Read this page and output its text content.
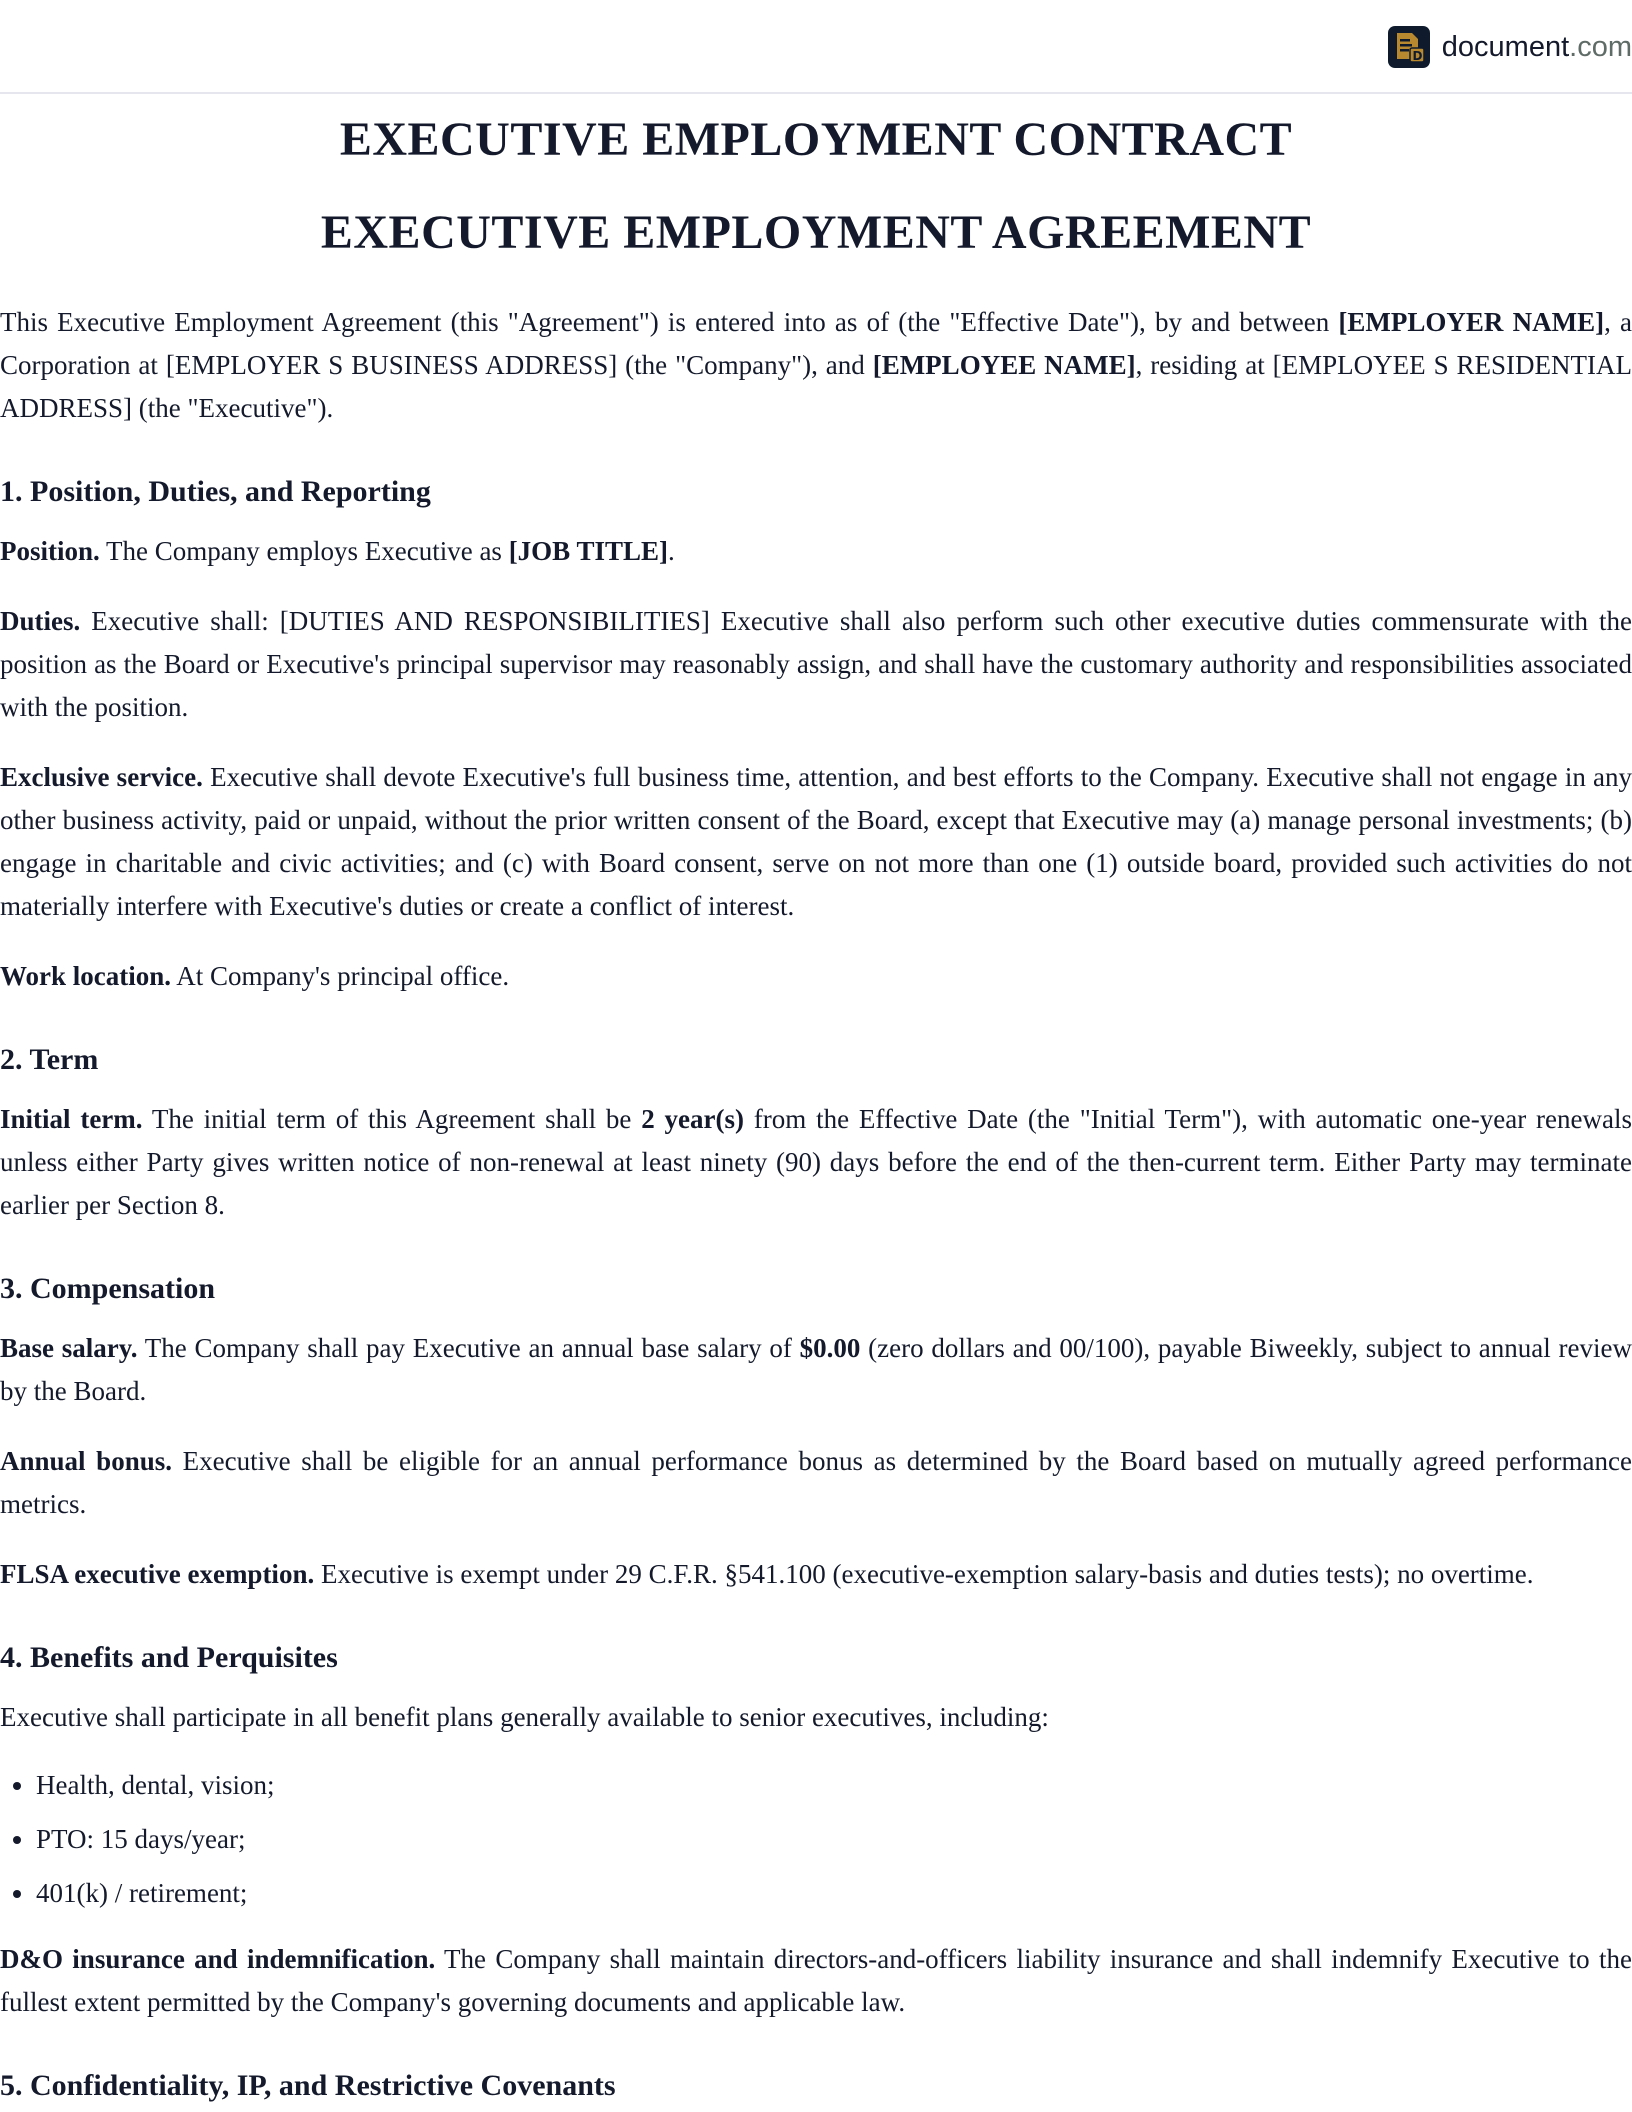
D document.com
EXECUTIVE EMPLOYMENT CONTRACT
EXECUTIVE EMPLOYMENT AGREEMENT

This Executive Employment Agreement (this "Agreement") is entered into as of (the "Effective Date"), by and between [EMPLOYER NAME], a Corporation at [EMPLOYER S BUSINESS ADDRESS] (the "Company"), and [EMPLOYEE NAME], residing at [EMPLOYEE S RESIDENTIAL ADDRESS] (the "Executive").

1. Position, Duties, and Reporting

Position. The Company employs Executive as [JOB TITLE].

Duties. Executive shall: [DUTIES AND RESPONSIBILITIES] Executive shall also perform such other executive duties commensurate with the position as the Board or Executive's principal supervisor may reasonably assign, and shall have the customary authority and responsibilities associated with the position.

Exclusive service. Executive shall devote Executive's full business time, attention, and best efforts to the Company. Executive shall not engage in any other business activity, paid or unpaid, without the prior written consent of the Board, except that Executive may (a) manage personal investments; (b) engage in charitable and civic activities; and (c) with Board consent, serve on not more than one (1) outside board, provided such activities do not materially interfere with Executive's duties or create a conflict of interest.

Work location. At Company's principal office.

2. Term

Initial term. The initial term of this Agreement shall be 2 year(s) from the Effective Date (the "Initial Term"), with automatic one-year renewals unless either Party gives written notice of non-renewal at least ninety (90) days before the end of the then-current term. Either Party may terminate earlier per Section 8.

3. Compensation

Base salary. The Company shall pay Executive an annual base salary of $0.00 (zero dollars and 00/100), payable Biweekly, subject to annual review by the Board.

Annual bonus. Executive shall be eligible for an annual performance bonus as determined by the Board based on mutually agreed performance metrics.

FLSA executive exemption. Executive is exempt under 29 C.F.R. §541.100 (executive-exemption salary-basis and duties tests); no overtime.

4. Benefits and Perquisites

Executive shall participate in all benefit plans generally available to senior executives, including:

• Health, dental, vision;
• PTO: 15 days/year;
• 401(k) / retirement;

D&O insurance and indemnification. The Company shall maintain directors-and-officers liability insurance and shall indemnify Executive to the fullest extent permitted by the Company's governing documents and applicable law.

5. Confidentiality, IP, and Restrictive Covenants
